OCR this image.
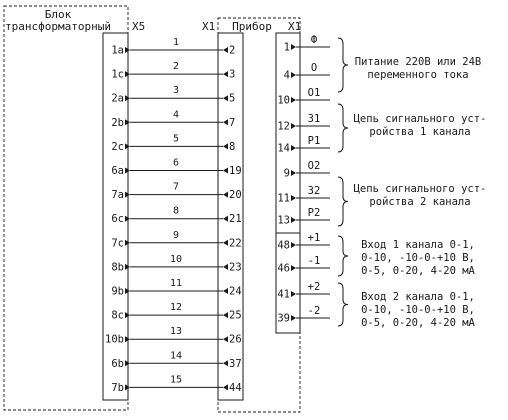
Блок
трансформаторный X5	X1 Прибор X1
1a
1
2
1c
2
3
2a
3
5
2b
4
7
2c
5
8
6a
6
19
7a
7
20
6c
8
21
7c
9
22
8b
10
23
9b
11
24
8c
12
25
10b
13
26
6b
14
37
7b
15
44
1
Ф
4
О
10
О1
12
З1
14
Р1
9
О2
11
З2
13
Р2
48
+1
46
-1
41
+2
39
-2
Питание 220В или 24В
переменного тока
Цепь сигнального уст-
ройства 1 канала
Цепь сигнального уст-
ройства 2 канала
Вход 1 канала 0-1,
0-10, -10-0-+10 В,
0-5, 0-20, 4-20 мА
Вход 2 канала 0-1,
0-10, -10-0-+10 В,
0-5, 0-20, 4-20 мА
